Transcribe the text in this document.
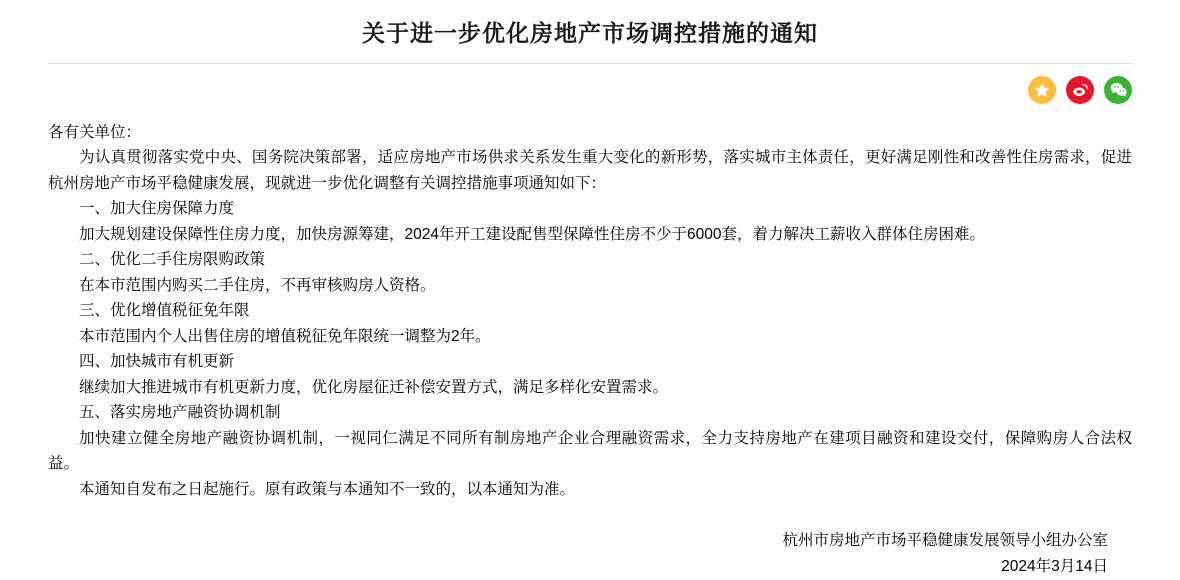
关于进一步优化房地产市场调控措施的通知

各有关单位：

为认真贯彻落实党中央、国务院决策部署，适应房地产市场供求关系发生重大变化的新形势，落实城市主体责任，更好满足刚性和改善性住房需求，促进杭州房地产市场平稳健康发展，现就进一步优化调整有关调控措施事项通知如下：

一、加大住房保障力度

加大规划建设保障性住房力度，加快房源筹建，2024年开工建设配售型保障性住房不少于6000套，着力解决工薪收入群体住房困难。

二、优化二手住房限购政策

在本市范围内购买二手住房，不再审核购房人资格。

三、优化增值税征免年限

本市范围内个人出售住房的增值税征免年限统一调整为2年。

四、加快城市有机更新

继续加大推进城市有机更新力度，优化房屋征迁补偿安置方式，满足多样化安置需求。

五、落实房地产融资协调机制

加快建立健全房地产融资协调机制，一视同仁满足不同所有制房地产企业合理融资需求，全力支持房地产在建项目融资和建设交付，保障购房人合法权益。

本通知自发布之日起施行。原有政策与本通知不一致的，以本通知为准。

杭州市房地产市场平稳健康发展领导小组办公室
2024年3月14日
